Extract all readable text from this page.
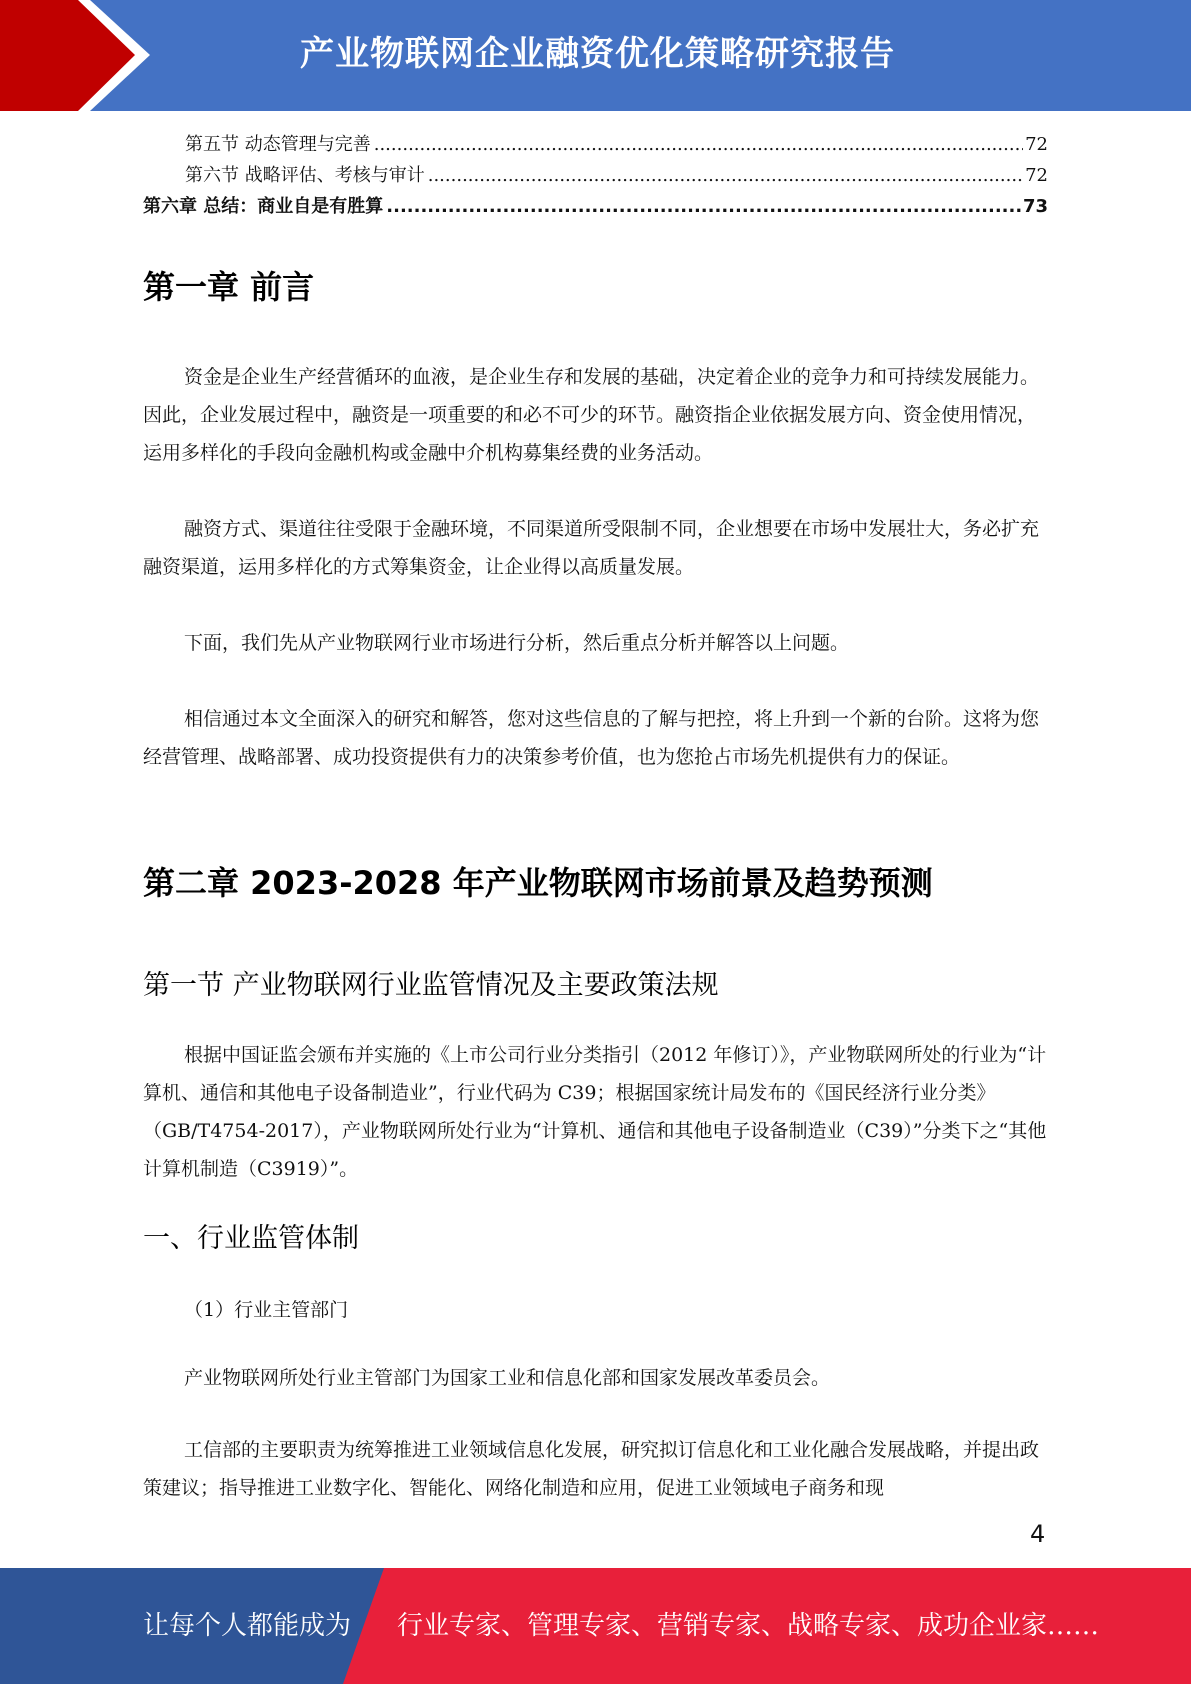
产业物联网企业融资优化策略研究报告
第五节 动态管理与完善 .....	72
第六节 战略评估、考核与审计 .....	72
第六章 总结：商业自是有胜算 .....	73
第一章 前言
资金是企业生产经营循环的血液，是企业生存和发展的基础，决定着企业的竞争力和可持续发展能力。因此，企业发展过程中，融资是一项重要的和必不可少的环节。融资指企业依据发展方向、资金使用情况，运用多样化的手段向金融机构或金融中介机构募集经费的业务活动。
融资方式、渠道往往受限于金融环境，不同渠道所受限制不同，企业想要在市场中发展壮大，务必扩充融资渠道，运用多样化的方式筹集资金，让企业得以高质量发展。
下面，我们先从产业物联网行业市场进行分析，然后重点分析并解答以上问题。
相信通过本文全面深入的研究和解答，您对这些信息的了解与把控，将上升到一个新的台阶。这将为您经营管理、战略部署、成功投资提供有力的决策参考价值，也为您抢占市场先机提供有力的保证。
第二章 2023-2028 年产业物联网市场前景及趋势预测
第一节 产业物联网行业监管情况及主要政策法规
根据中国证监会颁布并实施的《上市公司行业分类指引（2012 年修订）》，产业物联网所处的行业为“计算机、通信和其他电子设备制造业”，行业代码为 C39；根据国家统计局发布的《国民经济行业分类》（GB/T4754-2017），产业物联网所处行业为“计算机、通信和其他电子设备制造业（C39）”分类下之“其他计算机制造（C3919）”。
一、行业监管体制
（1）行业主管部门
产业物联网所处行业主管部门为国家工业和信息化部和国家发展改革委员会。
工信部的主要职责为统筹推进工业领域信息化发展，研究拟订信息化和工业化融合发展战略，并提出政策建议；指导推进工业数字化、智能化、网络化制造和应用，促进工业领域电子商务和现
4
让每个人都能成为 行业专家、管理专家、营销专家、战略专家、成功企业家……
